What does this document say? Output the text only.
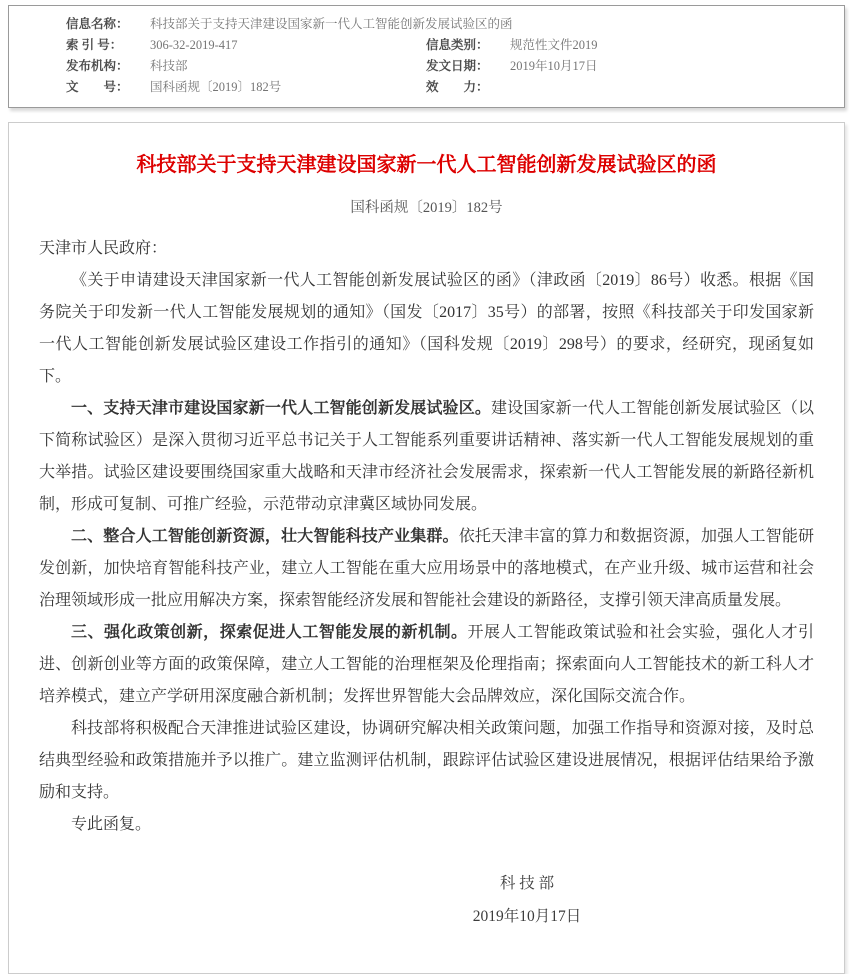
信息名称：	科技部关于支持天津建设国家新一代人工智能创新发展试验区的函
索 引 号：	306-32-2019-417	信息类别：	规范性文件2019
发布机构：	科技部	发文日期：	2019年10月17日
文　　号：	国科函规〔2019〕182号	效　　力：
科技部关于支持天津建设国家新一代人工智能创新发展试验区的函
国科函规〔2019〕182号

天津市人民政府：

《关于申请建设天津国家新一代人工智能创新发展试验区的函》（津政函〔2019〕86号）收悉。根据《国务院关于印发新一代人工智能发展规划的通知》（国发〔2017〕35号）的部署，按照《科技部关于印发国家新一代人工智能创新发展试验区建设工作指引的通知》（国科发规〔2019〕298号）的要求，经研究，现函复如下。

一、支持天津市建设国家新一代人工智能创新发展试验区。建设国家新一代人工智能创新发展试验区（以下简称试验区）是深入贯彻习近平总书记关于人工智能系列重要讲话精神、落实新一代人工智能发展规划的重大举措。试验区建设要围绕国家重大战略和天津市经济社会发展需求，探索新一代人工智能发展的新路径新机制，形成可复制、可推广经验，示范带动京津冀区域协同发展。

二、整合人工智能创新资源，壮大智能科技产业集群。依托天津丰富的算力和数据资源，加强人工智能研发创新，加快培育智能科技产业，建立人工智能在重大应用场景中的落地模式，在产业升级、城市运营和社会治理领域形成一批应用解决方案，探索智能经济发展和智能社会建设的新路径，支撑引领天津高质量发展。

三、强化政策创新，探索促进人工智能发展的新机制。开展人工智能政策试验和社会实验，强化人才引进、创新创业等方面的政策保障，建立人工智能的治理框架及伦理指南；探索面向人工智能技术的新工科人才培养模式，建立产学研用深度融合新机制；发挥世界智能大会品牌效应，深化国际交流合作。

科技部将积极配合天津推进试验区建设，协调研究解决相关政策问题，加强工作指导和资源对接，及时总结典型经验和政策措施并予以推广。建立监测评估机制，跟踪评估试验区建设进展情况，根据评估结果给予激励和支持。

专此函复。

科 技 部
2019年10月17日
